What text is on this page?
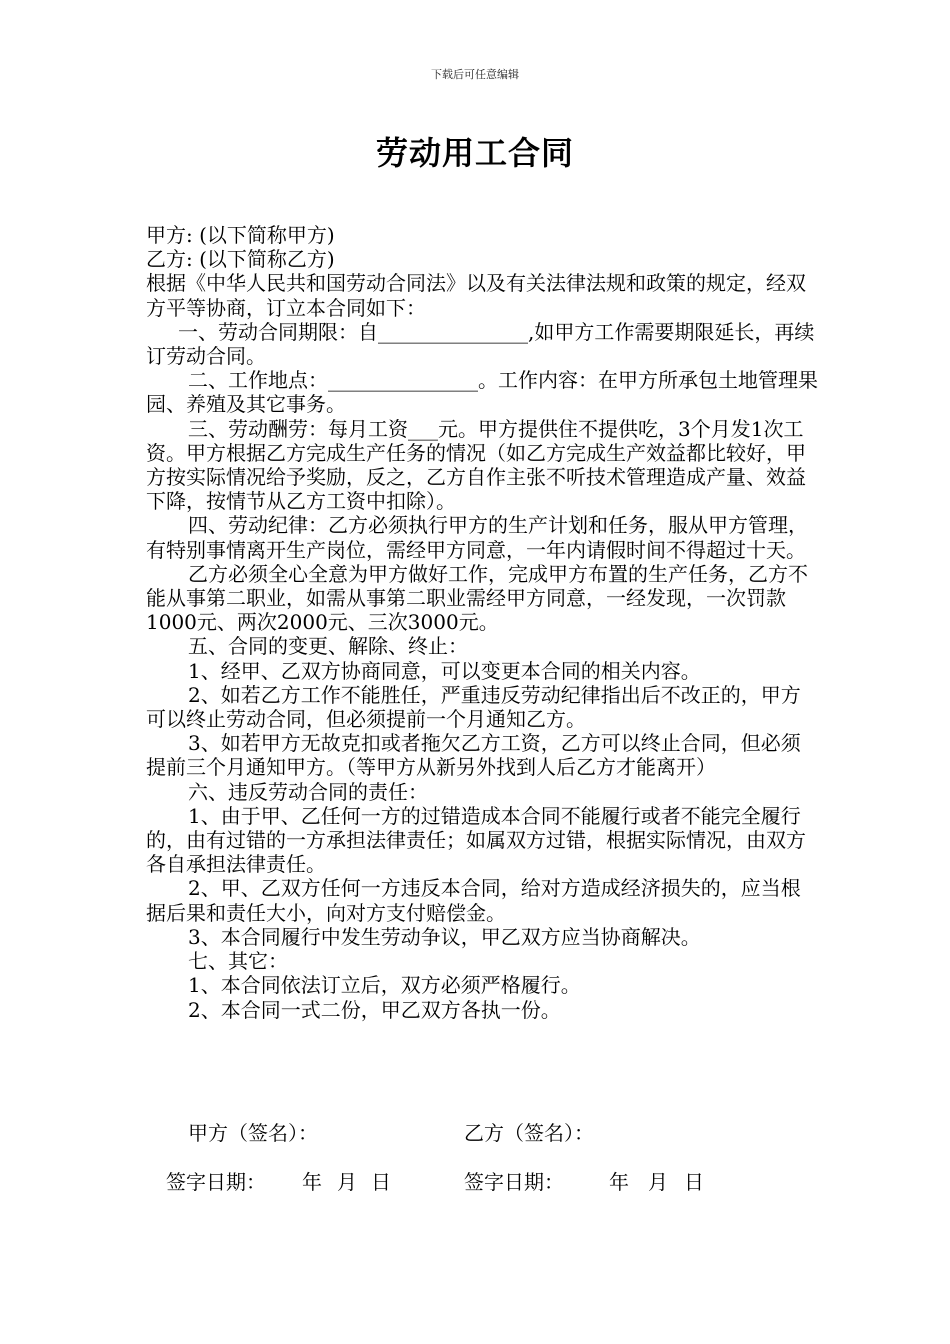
下载后可任意编辑
劳动用工合同

甲方: (以下简称甲方)

乙方: (以下简称乙方)

根据《中华人民共和国劳动合同法》以及有关法律法规和政策的规定，经双方平等协商，订立本合同如下：

一、劳动合同期限：自_______________,如甲方工作需要期限延长，再续订劳动合同。

二、工作地点：_______________。工作内容：在甲方所承包土地管理果园、养殖及其它事务。

三、劳动酬劳：每月工资___元。甲方提供住不提供吃，3个月发1次工资。甲方根据乙方完成生产任务的情况（如乙方完成生产效益都比较好，甲方按实际情况给予奖励，反之，乙方自作主张不听技术管理造成产量、效益下降，按情节从乙方工资中扣除）。

四、劳动纪律：乙方必须执行甲方的生产计划和任务，服从甲方管理，有特别事情离开生产岗位，需经甲方同意，一年内请假时间不得超过十天。

乙方必须全心全意为甲方做好工作，完成甲方布置的生产任务，乙方不能从事第二职业，如需从事第二职业需经甲方同意，一经发现，一次罚款1000元、两次2000元、三次3000元。

五、合同的变更、解除、终止：

1、经甲、乙双方协商同意，可以变更本合同的相关内容。

2、如若乙方工作不能胜任，严重违反劳动纪律指出后不改正的，甲方可以终止劳动合同，但必须提前一个月通知乙方。

3、如若甲方无故克扣或者拖欠乙方工资，乙方可以终止合同，但必须提前三个月通知甲方。（等甲方从新另外找到人后乙方才能离开）

六、违反劳动合同的责任：

1、由于甲、乙任何一方的过错造成本合同不能履行或者不能完全履行的，由有过错的一方承担法律责任；如属双方过错，根据实际情况，由双方各自承担法律责任。

2、甲、乙双方任何一方违反本合同，给对方造成经济损失的，应当根据后果和责任大小，向对方支付赔偿金。

3、本合同履行中发生劳动争议，甲乙双方应当协商解决。

七、其它：

1、本合同依法订立后，双方必须严格履行。

2、本合同一式二份，甲乙双方各执一份。

甲方（签名）：	乙方（签名）：
签字日期： 年 月 日	签字日期： 年 月 日
